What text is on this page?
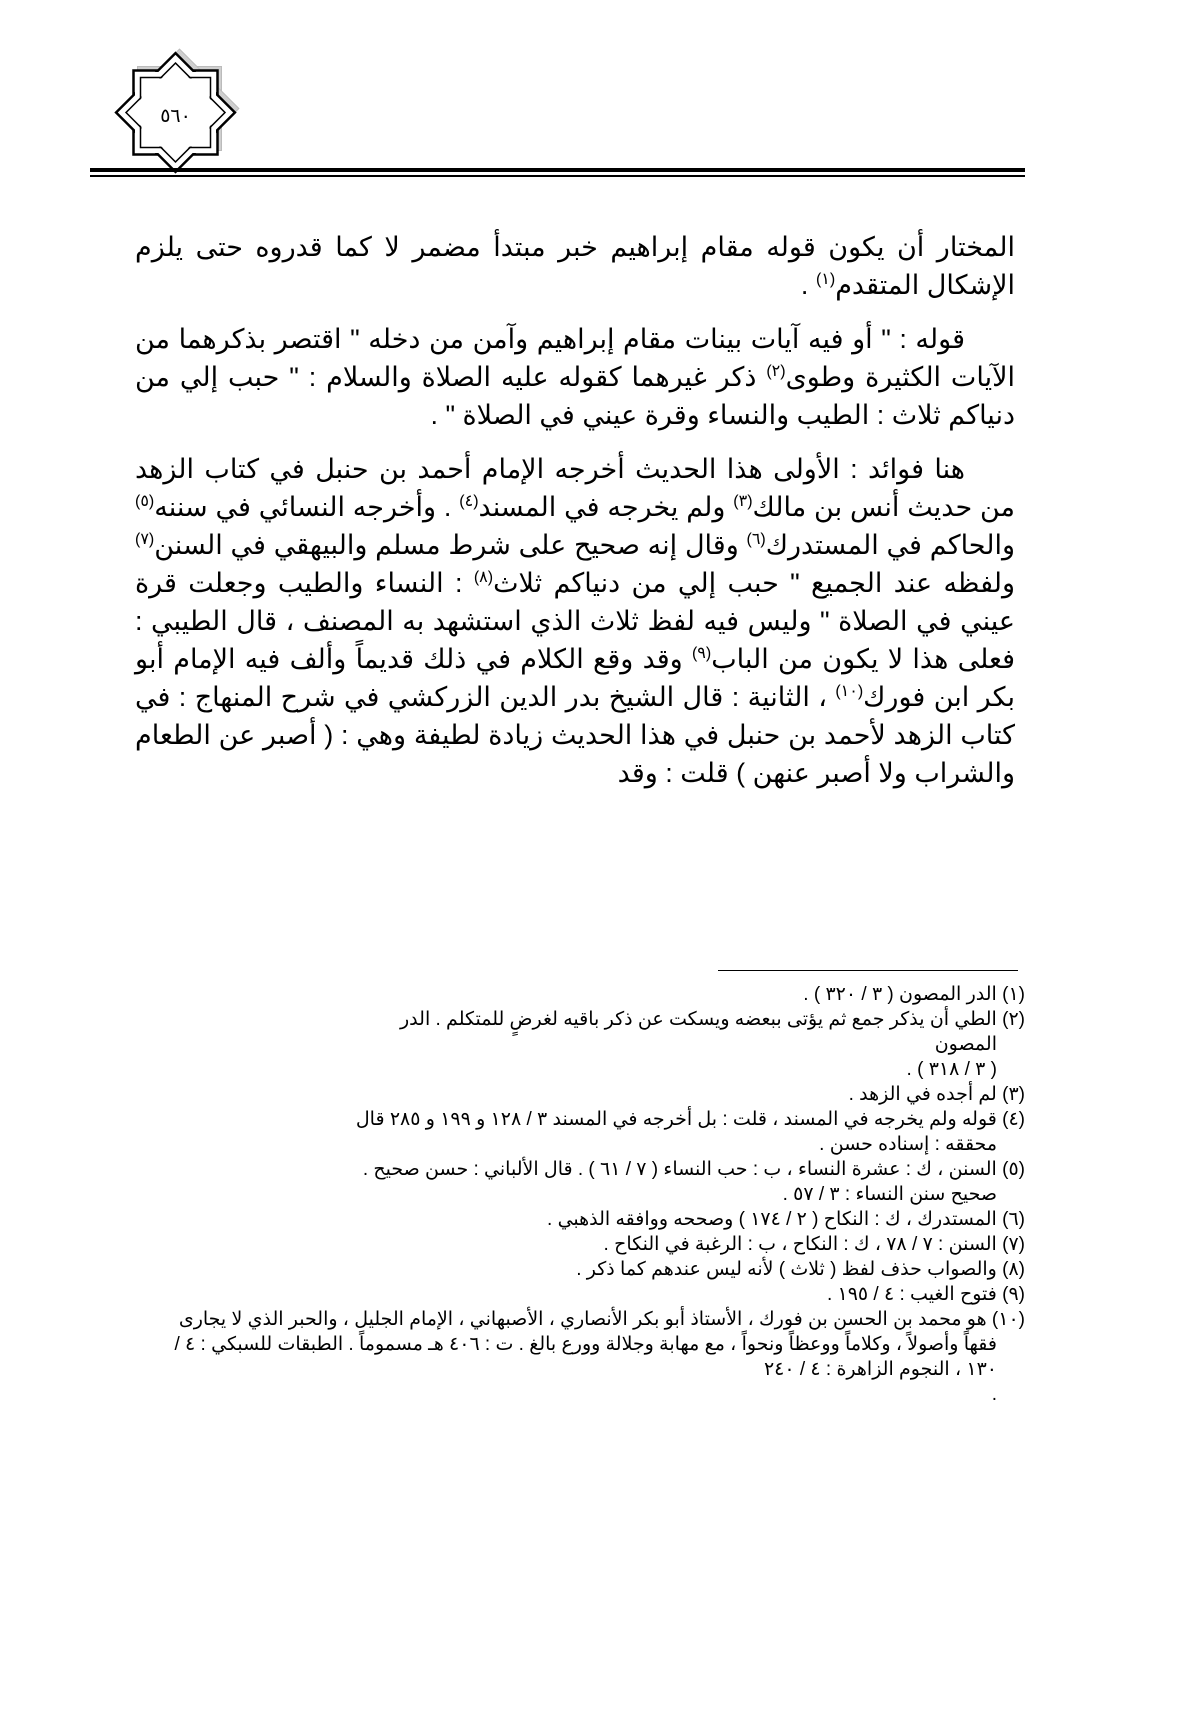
٥٦٠

المختار أن يكون قوله مقام إبراهيم خبر مبتدأ مضمر لا كما قدروه حتى يلزم الإشكال المتقدم$^{(١)}$ .

قوله : " أو فيه آيات بينات مقام إبراهيم وآمن من دخله " اقتصر بذكرهما من الآيات الكثيرة وطوى$^{(٢)}$ ذكر غيرهما كقوله عليه الصلاة والسلام : " حبب إلي من دنياكم ثلاث : الطيب والنساء وقرة عيني في الصلاة " .

هنا فوائد : الأولى هذا الحديث أخرجه الإمام أحمد بن حنبل في كتاب الزهد من حديث أنس بن مالك$^{(٣)}$ ولم يخرجه في المسند$^{(٤)}$ . وأخرجه النسائي في سننه$^{(٥)}$ والحاكم في المستدرك$^{(٦)}$ وقال إنه صحيح على شرط مسلم والبيهقي في السنن$^{(٧)}$ ولفظه عند الجميع " حبب إلي من دنياكم ثلاث$^{(٨)}$ : النساء والطيب وجعلت قرة عيني في الصلاة " وليس فيه لفظ ثلاث الذي استشهد به المصنف ، قال الطيبي : فعلى هذا لا يكون من الباب$^{(٩)}$ وقد وقع الكلام في ذلك قديماً وألف فيه الإمام أبو بكر ابن فورك$^{(١٠)}$ ، الثانية : قال الشيخ بدر الدين الزركشي في شرح المنهاج : في كتاب الزهد لأحمد بن حنبل في هذا الحديث زيادة لطيفة وهي : ( أصبر عن الطعام والشراب ولا أصبر عنهن ) قلت : وقد

(١) الدر المصون ( ٣ / ٣٢٠ ) .
(٢) الطي أن يذكر جمع ثم يؤتى ببعضه ويسكت عن ذكر باقيه لغرضٍ للمتكلم . الدر
المصون
( ٣ / ٣١٨ ) .
(٣) لم أجده في الزهد .
(٤) قوله ولم يخرجه في المسند ، قلت : بل أخرجه في المسند ٣ / ١٢٨ و ١٩٩ و ٢٨٥ قال
محققه : إسناده حسن .
(٥) السنن ، ك : عشرة النساء ، ب : حب النساء ( ٧ / ٦١ ) . قال الألباني : حسن صحيح .
صحيح سنن النساء : ٣ / ٥٧ .
(٦) المستدرك ، ك : النكاح ( ٢ / ١٧٤ ) وصححه ووافقه الذهبي .
(٧) السنن : ٧ / ٧٨ ، ك : النكاح ، ب : الرغبة في النكاح .
(٨) والصواب حذف لفظ ( ثلاث ) لأنه ليس عندهم كما ذكر .
(٩) فتوح الغيب : ٤ / ١٩٥ .
(١٠) هو محمد بن الحسن بن فورك ، الأستاذ أبو بكر الأنصاري ، الأصبهاني ، الإمام الجليل ، والحبر الذي لا يجارى فقهاً وأصولاً ، وكلاماً ووعظاً ونحواً ، مع مهابة وجلالة وورع بالغ . ت : ٤٠٦ هـ مسموماً . الطبقات للسبكي : ٤ / ١٣٠ ، النجوم الزاهرة : ٤ / ٢٤٠
.
